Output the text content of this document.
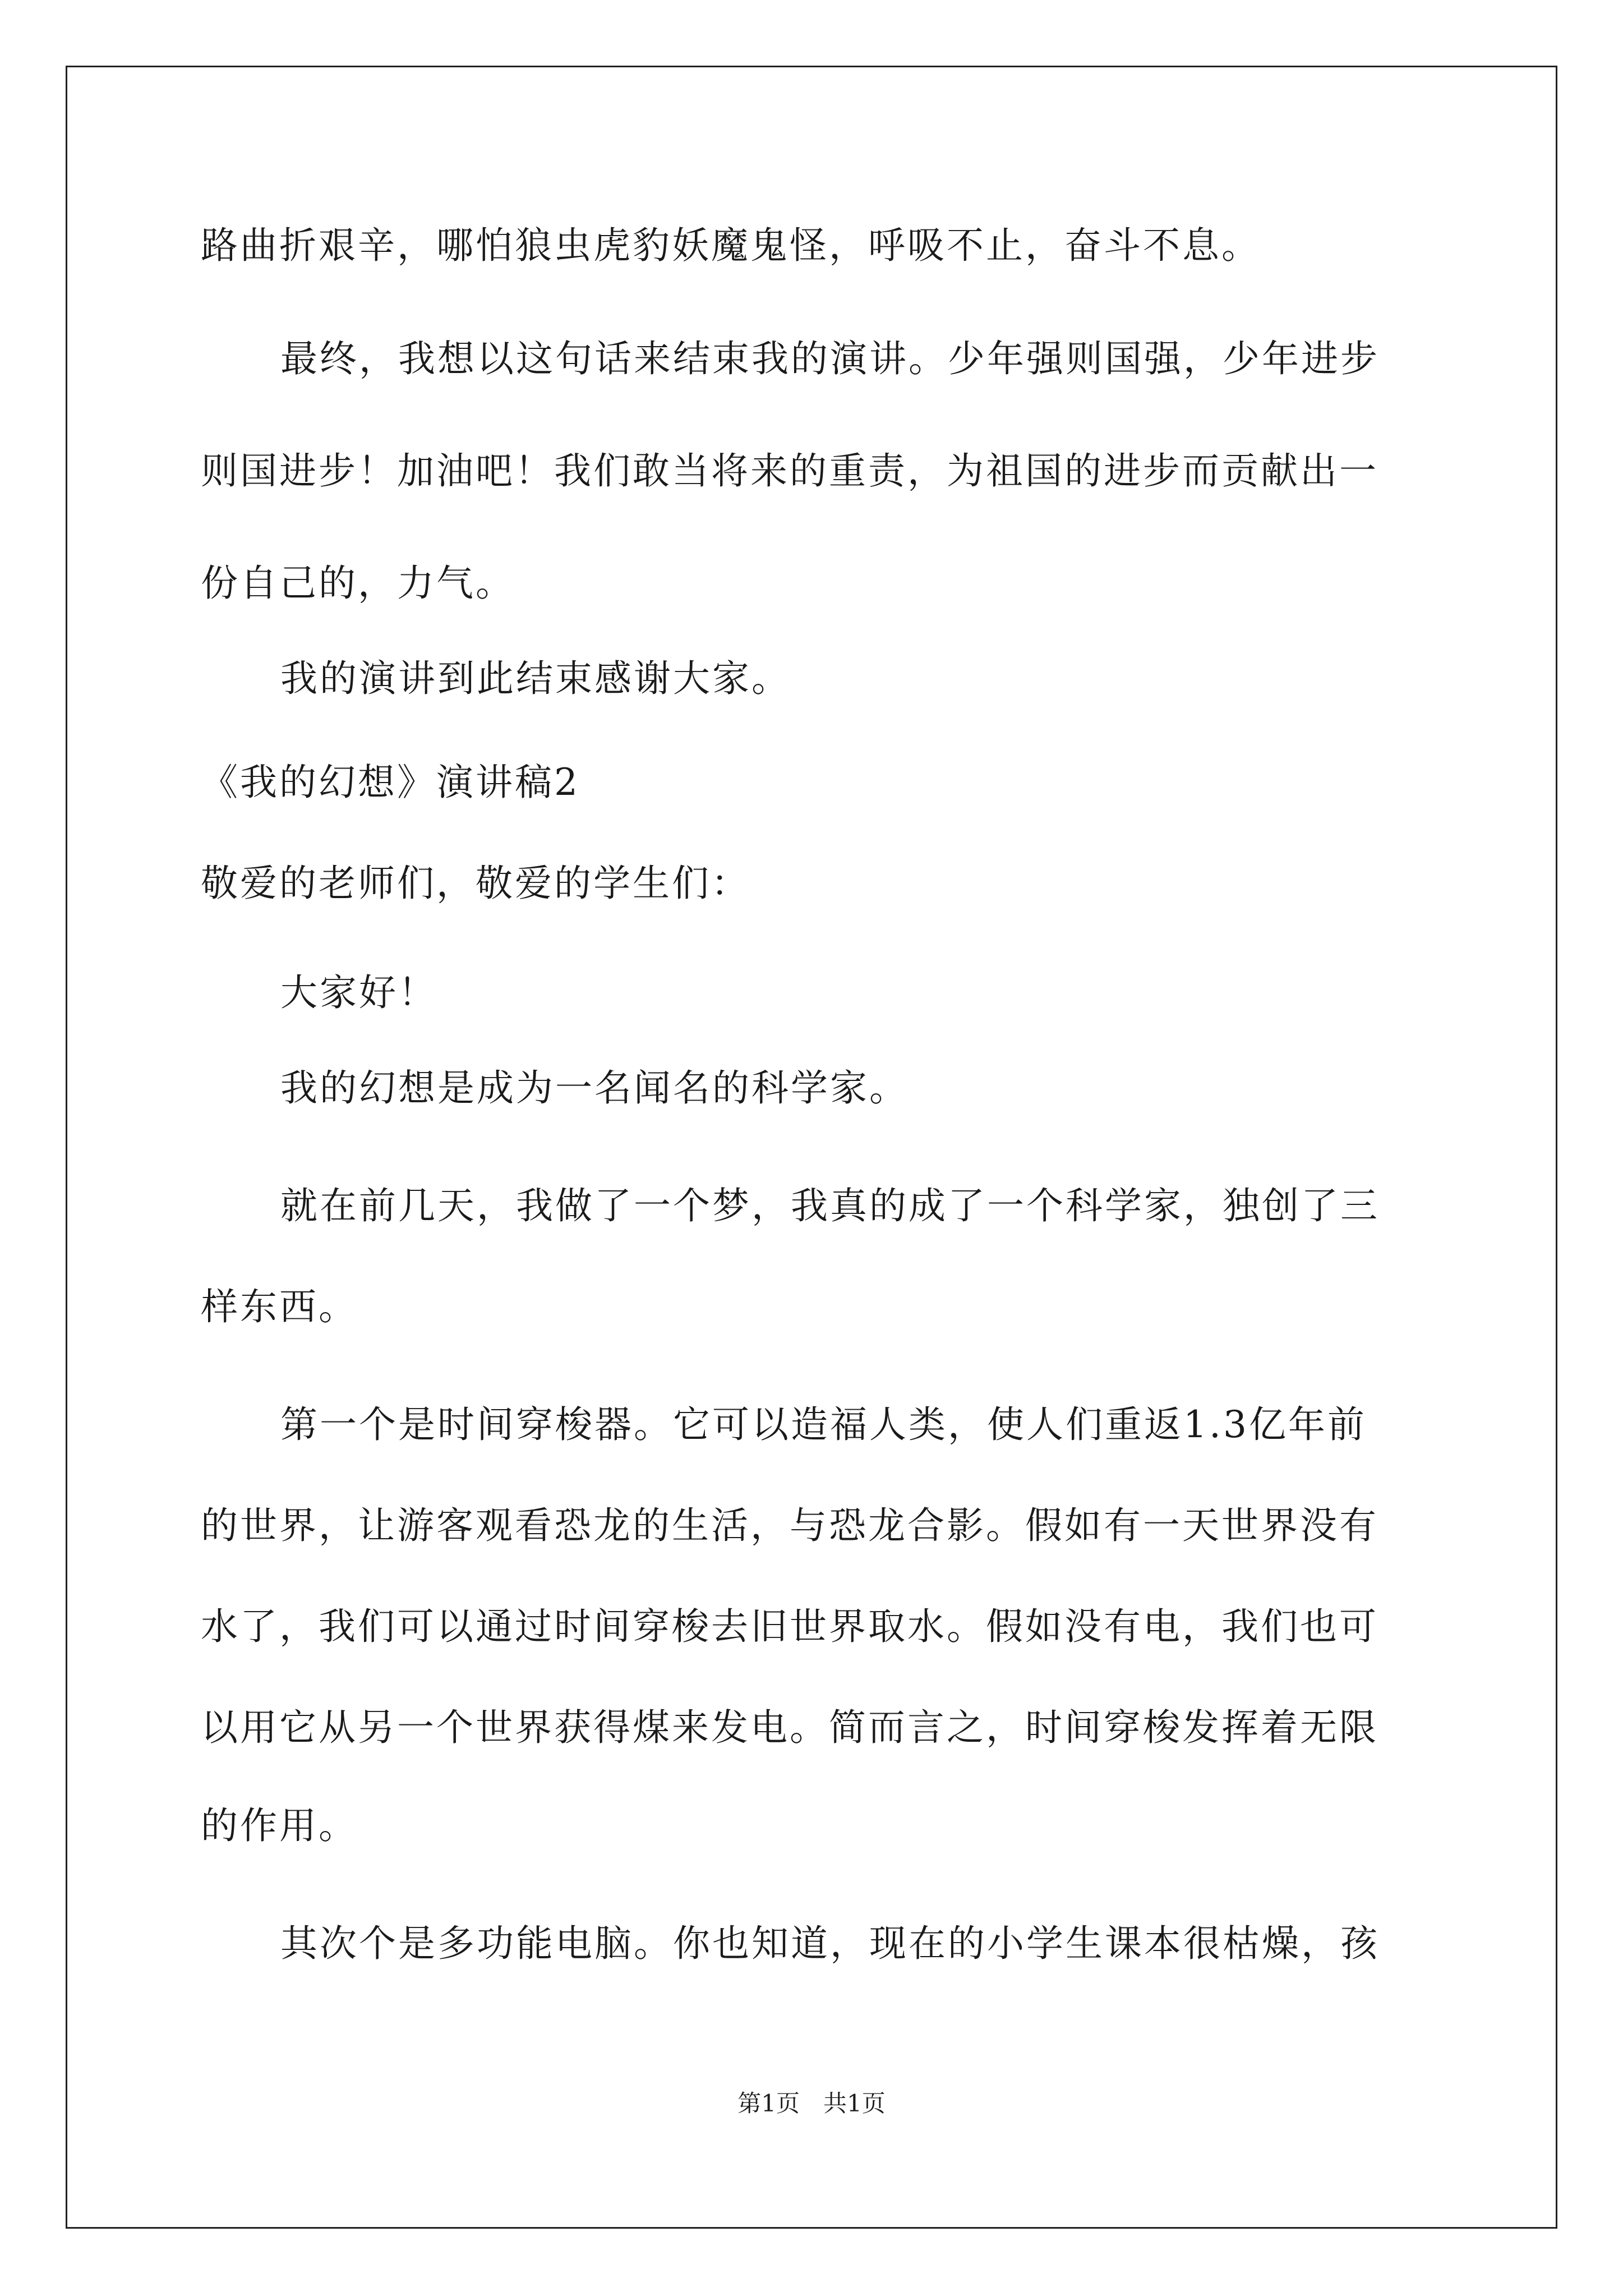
路曲折艰辛，哪怕狼虫虎豹妖魔鬼怪，呼吸不止，奋斗不息。
最终，我想以这句话来结束我的演讲。少年强则国强，少年进步
则国进步！加油吧！我们敢当将来的重责，为祖国的进步而贡献出一
份自己的，力气。
我的演讲到此结束感谢大家。
《我的幻想》演讲稿2
敬爱的老师们，敬爱的学生们：
大家好！
我的幻想是成为一名闻名的科学家。
就在前几天，我做了一个梦，我真的成了一个科学家，独创了三
样东西。
第一个是时间穿梭器。它可以造福人类，使人们重返1.3亿年前
的世界，让游客观看恐龙的生活，与恐龙合影。假如有一天世界没有
水了，我们可以通过时间穿梭去旧世界取水。假如没有电，我们也可
以用它从另一个世界获得煤来发电。简而言之，时间穿梭发挥着无限
的作用。
其次个是多功能电脑。你也知道，现在的小学生课本很枯燥，孩
第1页　共1页
